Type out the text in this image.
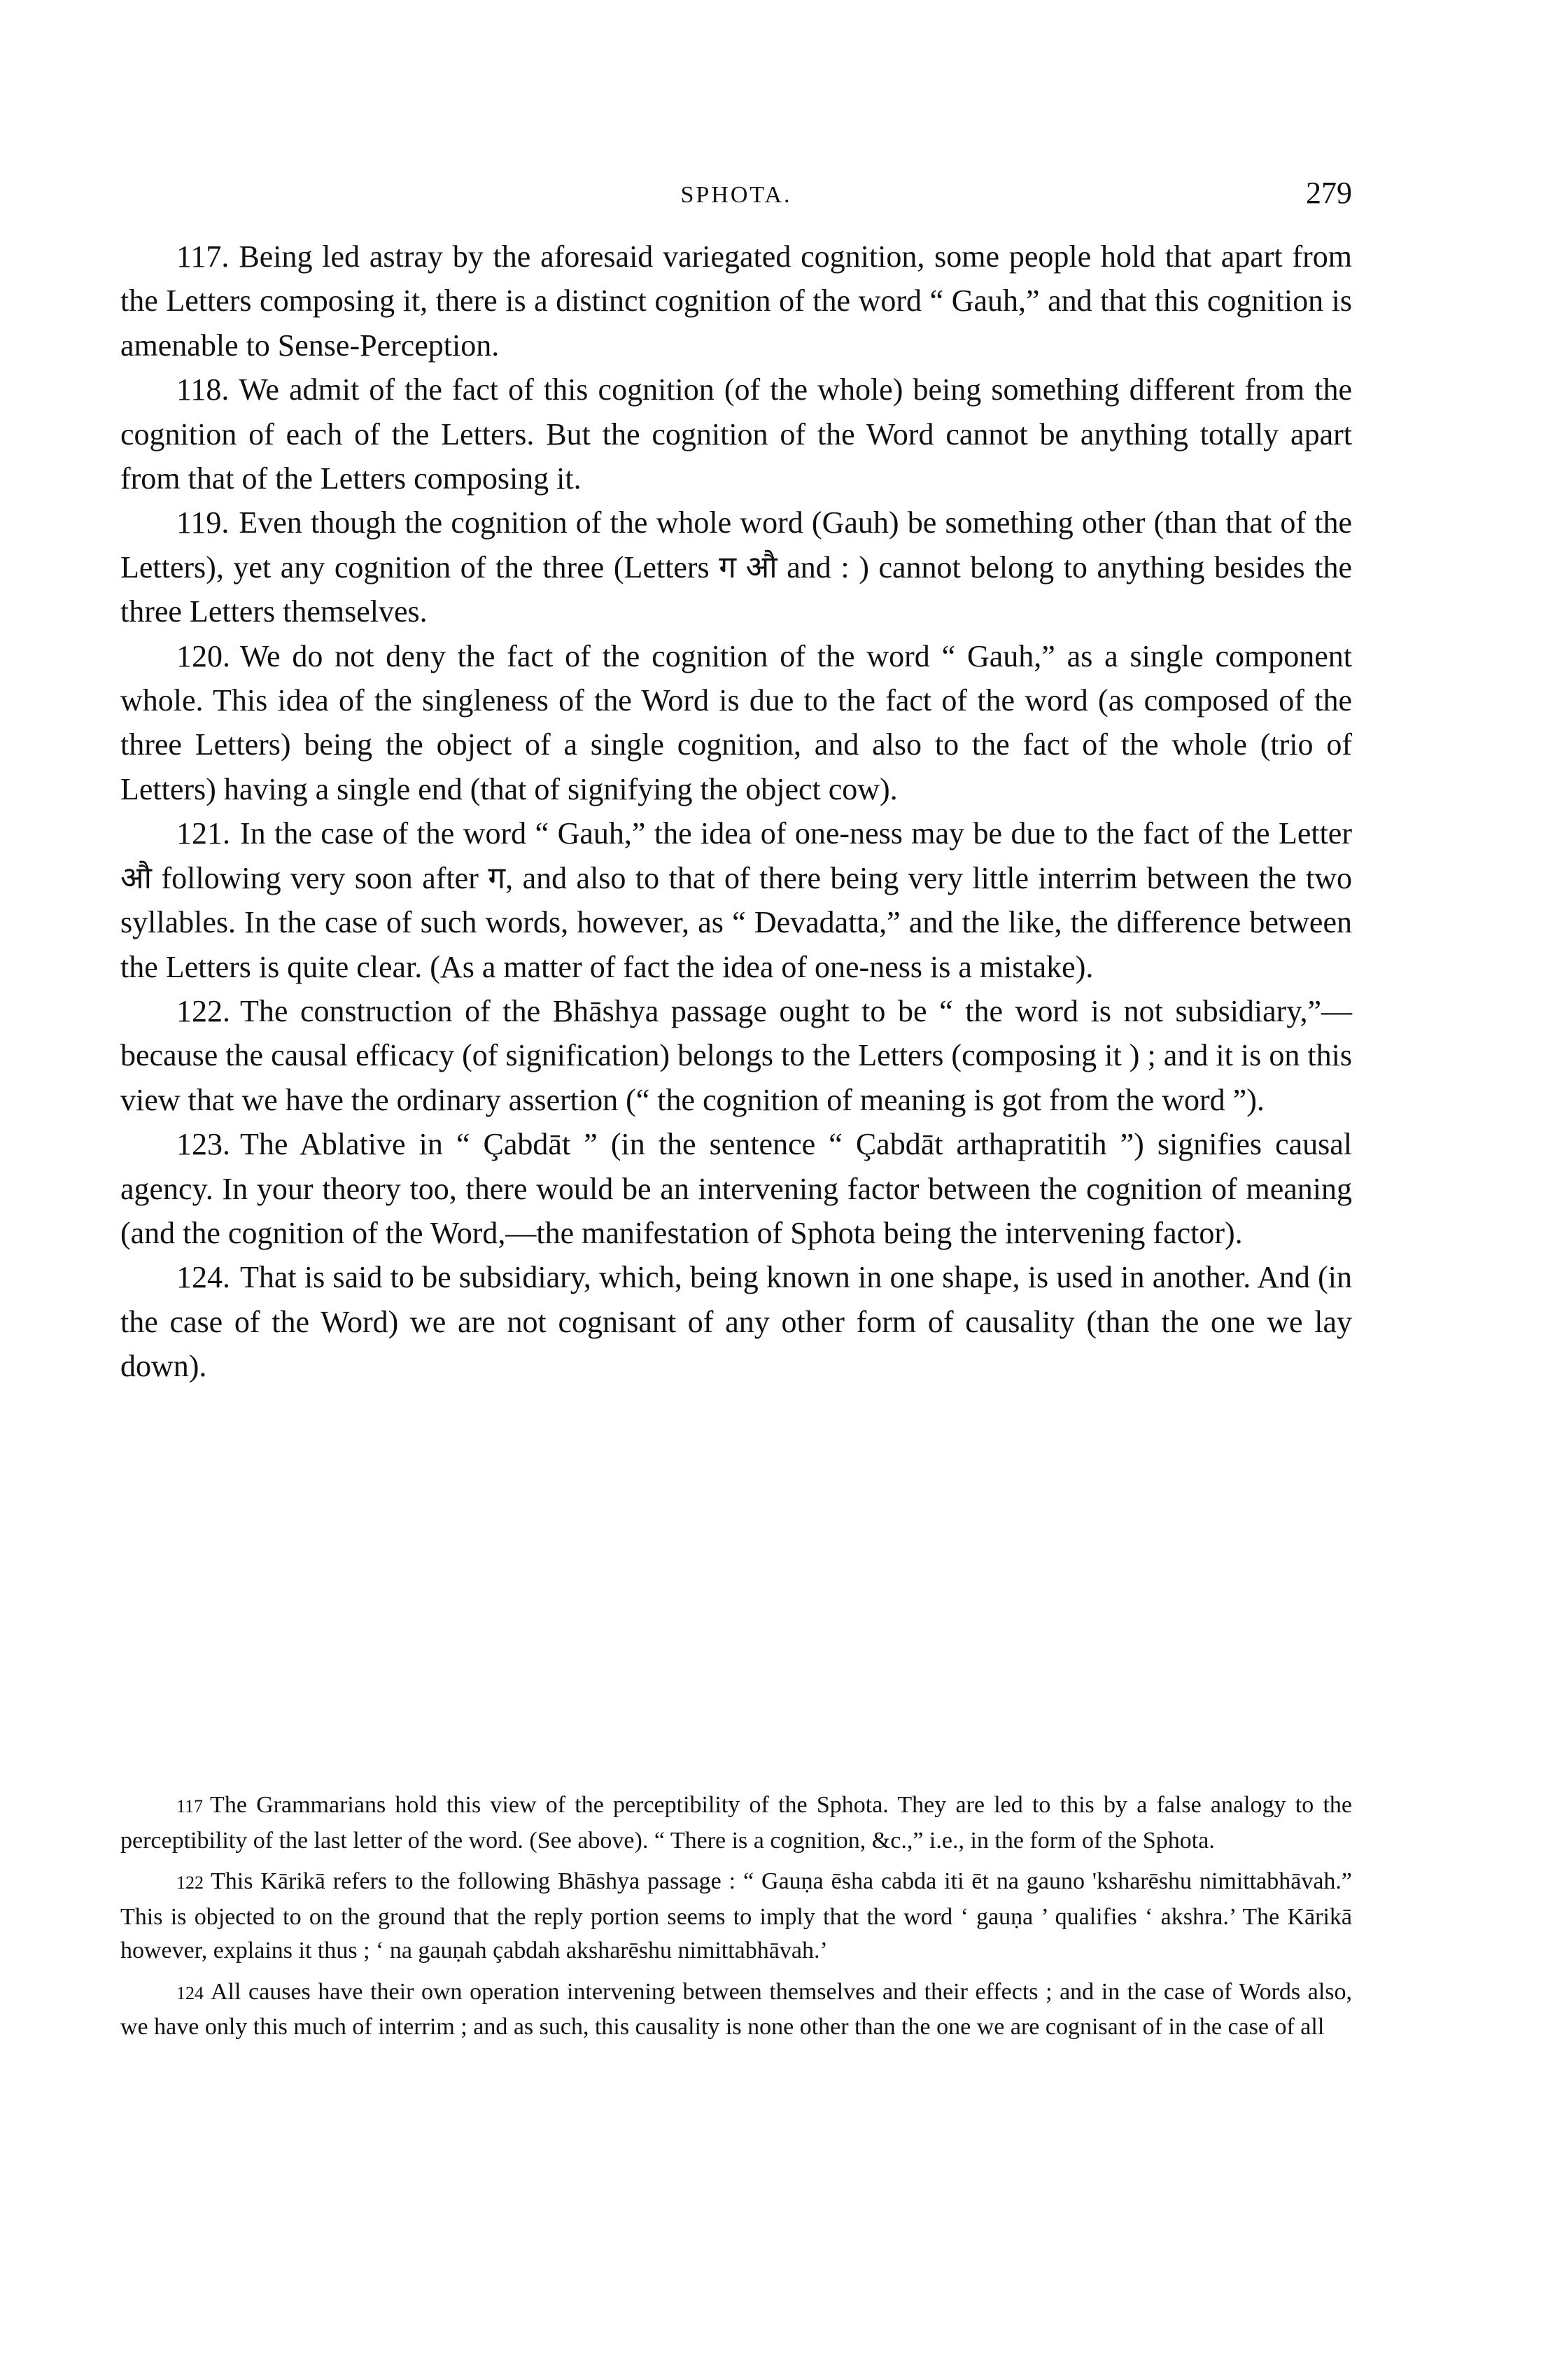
SPHOTA.	279

117. Being led astray by the aforesaid variegated cognition, some people hold that apart from the Letters composing it, there is a distinct cognition of the word “ Gauh,” and that this cognition is amenable to Sense-Perception.

118. We admit of the fact of this cognition (of the whole) being something different from the cognition of each of the Letters. But the cognition of the Word cannot be anything totally apart from that of the Letters composing it.

119. Even though the cognition of the whole word (Gauh) be something other (than that of the Letters), yet any cognition of the three (Letters ग औ and : ) cannot belong to anything besides the three Letters themselves.

120. We do not deny the fact of the cognition of the word “ Gauh,” as a single component whole. This idea of the singleness of the Word is due to the fact of the word (as composed of the three Letters) being the object of a single cognition, and also to the fact of the whole (trio of Letters) having a single end (that of signifying the object cow).

121. In the case of the word “ Gauh,” the idea of one-ness may be due to the fact of the Letter औ following very soon after ग, and also to that of there being very little interrim between the two syllables. In the case of such words, however, as “ Devadatta,” and the like, the difference between the Letters is quite clear. (As a matter of fact the idea of one-ness is a mistake).

122. The construction of the Bhāshya passage ought to be “ the word is not subsidiary,”—because the causal efficacy (of signification) belongs to the Letters (composing it ) ; and it is on this view that we have the ordinary assertion (“ the cognition of meaning is got from the word ”).

123. The Ablative in “ Çabdāt ” (in the sentence “ Çabdāt arthapratitih ”) signifies causal agency. In your theory too, there would be an intervening factor between the cognition of meaning (and the cognition of the Word,—the manifestation of Sphota being the intervening factor).

124. That is said to be subsidiary, which, being known in one shape, is used in another. And (in the case of the Word) we are not cognisant of any other form of causality (than the one we lay down).

117 The Grammarians hold this view of the perceptibility of the Sphota. They are led to this by a false analogy to the perceptibility of the last letter of the word. (See above). “ There is a cognition, &c.,” i.e., in the form of the Sphota.

122 This Kārikā refers to the following Bhāshya passage : “ Gauṇa ēsha cabda iti ēt na gauno 'ksharēshu nimittabhāvah.” This is objected to on the ground that the reply portion seems to imply that the word ‘ gauṇa ’ qualifies ‘ akshra.’ The Kārikā however, explains it thus ; ‘ na gauṇah çabdah aksharēshu nimittabhāvah.’

124 All causes have their own operation intervening between themselves and their effects ; and in the case of Words also, we have only this much of interrim ; and as such, this causality is none other than the one we are cognisant of in the case of all
